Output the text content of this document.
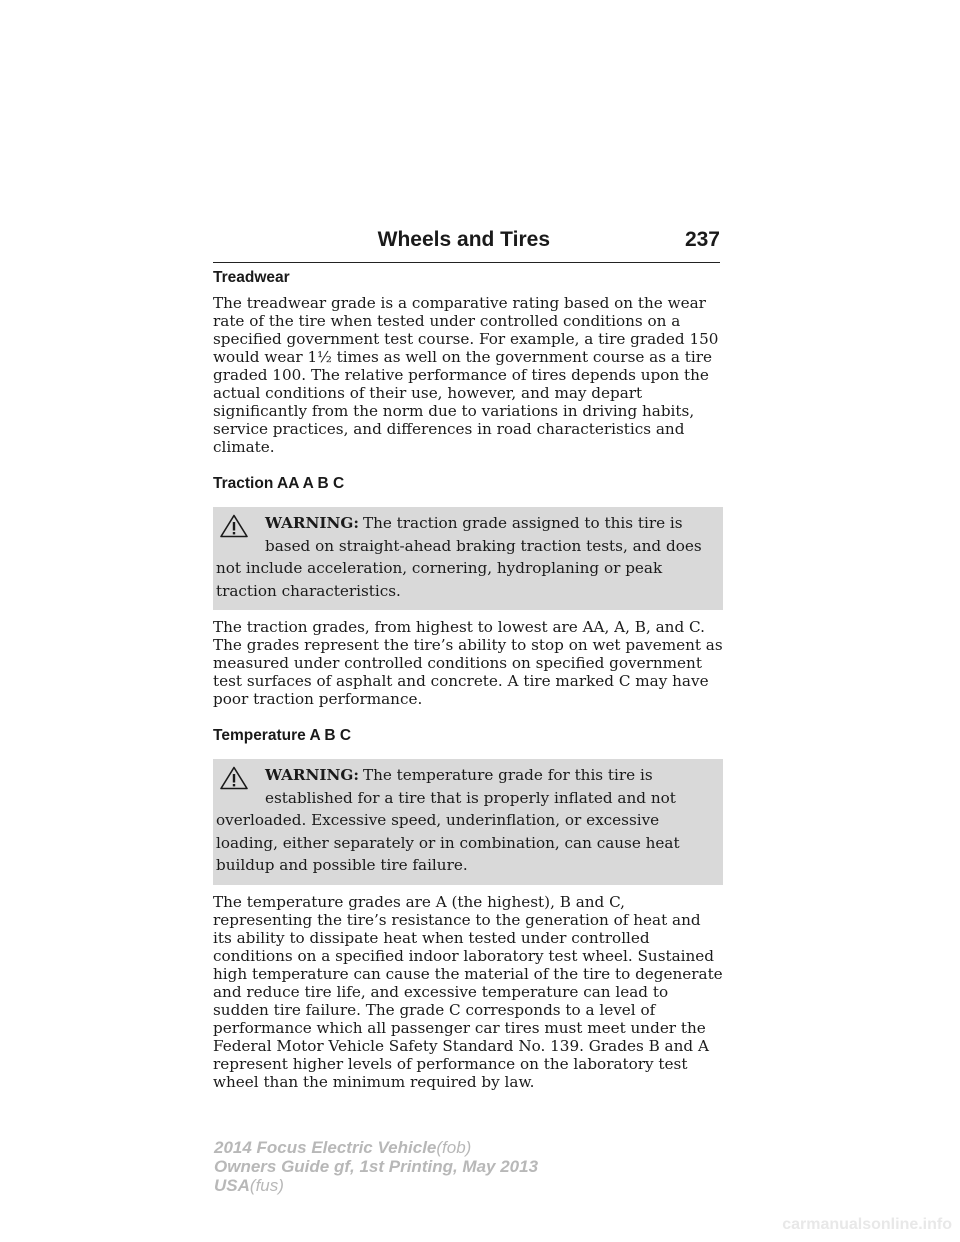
Wheels and Tires	237
Treadwear

The treadwear grade is a comparative rating based on the wear rate of the tire when tested under controlled conditions on a specified government test course. For example, a tire graded 150 would wear 1½ times as well on the government course as a tire graded 100. The relative performance of tires depends upon the actual conditions of their use, however, and may depart significantly from the norm due to variations in driving habits, service practices, and differences in road characteristics and climate.

Traction AA A B C
WARNING: The traction grade assigned to this tire is based on straight-ahead braking traction tests, and does not include acceleration, cornering, hydroplaning or peak traction characteristics.

The traction grades, from highest to lowest are AA, A, B, and C. The grades represent the tire’s ability to stop on wet pavement as measured under controlled conditions on specified government test surfaces of asphalt and concrete. A tire marked C may have poor traction performance.

Temperature A B C
WARNING: The temperature grade for this tire is established for a tire that is properly inflated and not overloaded. Excessive speed, underinflation, or excessive loading, either separately or in combination, can cause heat buildup and possible tire failure.

The temperature grades are A (the highest), B and C, representing the tire’s resistance to the generation of heat and its ability to dissipate heat when tested under controlled conditions on a specified indoor laboratory test wheel. Sustained high temperature can cause the material of the tire to degenerate and reduce tire life, and excessive temperature can lead to sudden tire failure. The grade C corresponds to a level of performance which all passenger car tires must meet under the Federal Motor Vehicle Safety Standard No. 139. Grades B and A represent higher levels of performance on the laboratory test wheel than the minimum required by law.

2014 Focus Electric Vehicle(fob)
Owners Guide gf, 1st Printing, May 2013
USA(fus)
carmanualsonline.info
